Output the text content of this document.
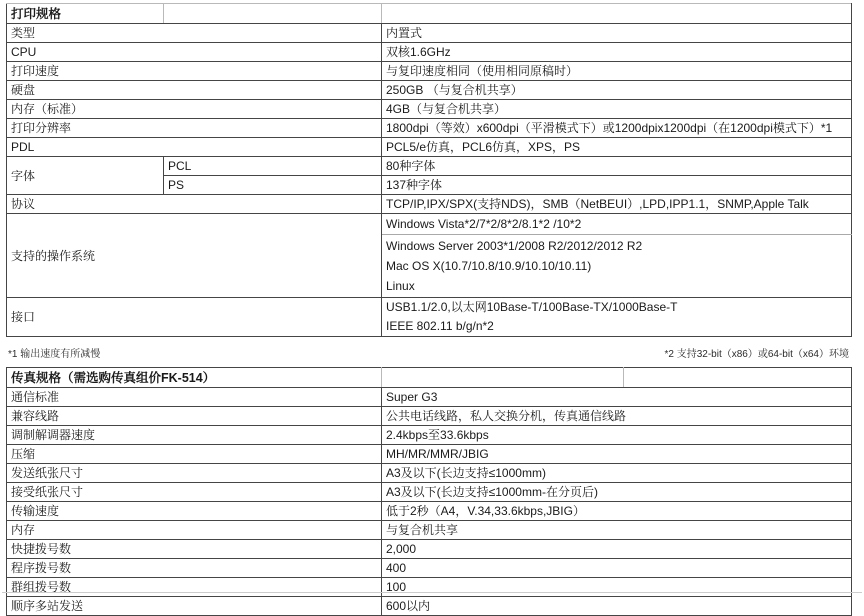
打印规格		
类型		内置式
CPU		双核1.6GHz
打印速度		与复印速度相同（使用相同原稿时）
硬盘		250GB （与复合机共享）
内存（标准）		4GB（与复合机共享）
打印分辨率		1800dpi（等效）x600dpi（平滑模式下）或1200dpix1200dpi（在1200dpi模式下）*1
PDL		PCL5/e仿真，PCL6仿真，XPS，PS
字体	PCL	80种字体
	PS	137种字体
协议		TCP/IP,IPX/SPX(支持NDS)，SMB（NetBEUI）,LPD,IPP1.1，SNMP,Apple Talk
支持的操作系统		Windows Vista*2/7*2/8*2/8.1*2 /10*2

		Windows Server 2003*1/2008 R2/2012/2012 R2
Mac OS X(10.7/10.8/10.9/10.10/10.11)
Linux

接口		USB1.1/2.0,以太网10Base-T/100Base-TX/1000Base-T
IEEE 802.11 b/g/n*2
*1 输出速度有所减慢	*2 支持32-bit（x86）或64-bit（x64）环境
传真规格（需选购传真组价FK-514）		
通信标准	Super G3	
兼容线路	公共电话线路，私人交换分机，传真通信线路	
调制解调器速度	2.4kbps至33.6kbps	
压缩	MH/MR/MMR/JBIG	
发送纸张尺寸	A3及以下(长边支持≤1000mm)	
接受纸张尺寸	A3及以下(长边支持≤1000mm-在分页后)	
传输速度	低于2秒（A4，V.34,33.6kbps,JBIG）	
内存	与复合机共享	
快捷拨号数	2,000	
程序拨号数	400	
群组拨号数	100	
顺序多站发送	600以内	
